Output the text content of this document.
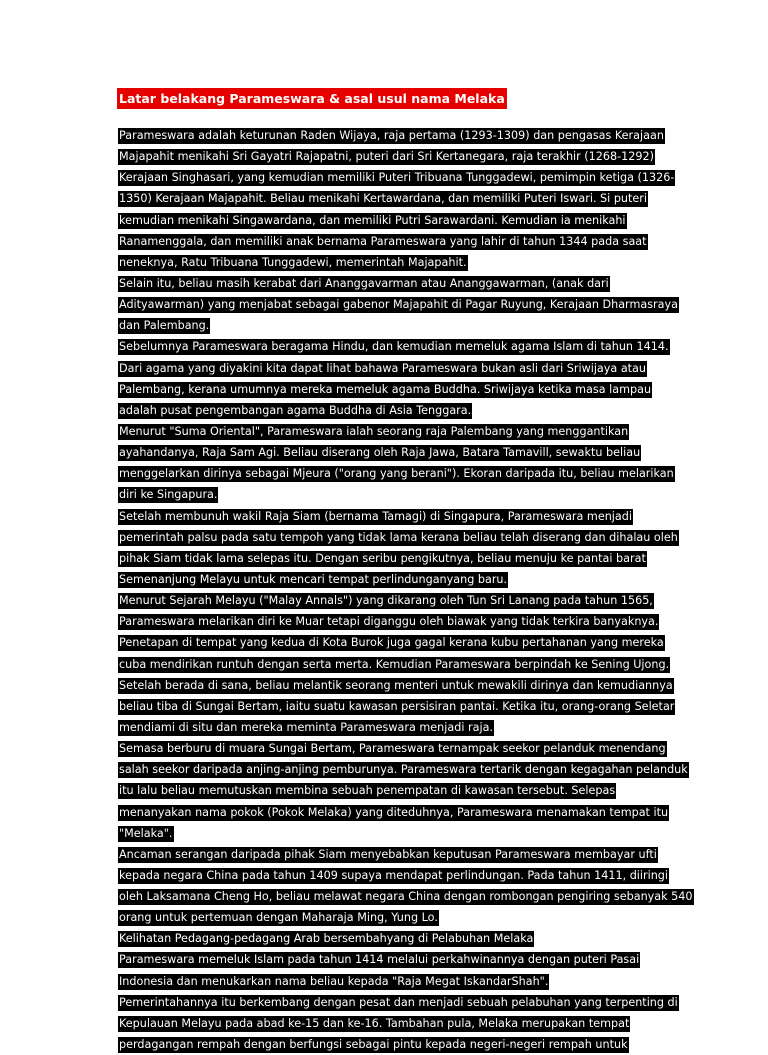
Latar belakang Parameswara & asal usul nama Melaka
Parameswara adalah keturunan Raden Wijaya, raja pertama (1293-1309) dan pengasas Kerajaan
Majapahit menikahi Sri Gayatri Rajapatni, puteri dari Sri Kertanegara, raja terakhir (1268-1292)
Kerajaan Singhasari, yang kemudian memiliki Puteri Tribuana Tunggadewi, pemimpin ketiga (1326-
1350) Kerajaan Majapahit. Beliau menikahi Kertawardana, dan memiliki Puteri Iswari. Si puteri
kemudian menikahi Singawardana, dan memiliki Putri Sarawardani. Kemudian ia menikahi
Ranamenggala, dan memiliki anak bernama Parameswara yang lahir di tahun 1344 pada saat
neneknya, Ratu Tribuana Tunggadewi, memerintah Majapahit.
Selain itu, beliau masih kerabat dari Ananggavarman atau Ananggawarman, (anak dari
Adityawarman) yang menjabat sebagai gabenor Majapahit di Pagar Ruyung, Kerajaan Dharmasraya
dan Palembang.
Sebelumnya Parameswara beragama Hindu, dan kemudian memeluk agama Islam di tahun 1414.
Dari agama yang diyakini kita dapat lihat bahawa Parameswara bukan asli dari Sriwijaya atau
Palembang, kerana umumnya mereka memeluk agama Buddha. Sriwijaya ketika masa lampau
adalah pusat pengembangan agama Buddha di Asia Tenggara.
Menurut "Suma Oriental", Parameswara ialah seorang raja Palembang yang menggantikan
ayahandanya, Raja Sam Agi. Beliau diserang oleh Raja Jawa, Batara Tamavill, sewaktu beliau
menggelarkan dirinya sebagai Mjeura ("orang yang berani"). Ekoran daripada itu, beliau melarikan
diri ke Singapura.
Setelah membunuh wakil Raja Siam (bernama Tamagi) di Singapura, Parameswara menjadi
pemerintah palsu pada satu tempoh yang tidak lama kerana beliau telah diserang dan dihalau oleh
pihak Siam tidak lama selepas itu. Dengan seribu pengikutnya, beliau menuju ke pantai barat
Semenanjung Melayu untuk mencari tempat perlindunganyang baru.
Menurut Sejarah Melayu ("Malay Annals") yang dikarang oleh Tun Sri Lanang pada tahun 1565,
Parameswara melarikan diri ke Muar tetapi diganggu oleh biawak yang tidak terkira banyaknya.
Penetapan di tempat yang kedua di Kota Burok juga gagal kerana kubu pertahanan yang mereka
cuba mendirikan runtuh dengan serta merta. Kemudian Parameswara berpindah ke Sening Ujong.
Setelah berada di sana, beliau melantik seorang menteri untuk mewakili dirinya dan kemudiannya
beliau tiba di Sungai Bertam, iaitu suatu kawasan persisiran pantai. Ketika itu, orang-orang Seletar
mendiami di situ dan mereka meminta Parameswara menjadi raja.
Semasa berburu di muara Sungai Bertam, Parameswara ternampak seekor pelanduk menendang
salah seekor daripada anjing-anjing pemburunya. Parameswara tertarik dengan kegagahan pelanduk
itu lalu beliau memutuskan membina sebuah penempatan di kawasan tersebut. Selepas
menanyakan nama pokok (Pokok Melaka) yang diteduhnya, Parameswara menamakan tempat itu
"Melaka".
Ancaman serangan daripada pihak Siam menyebabkan keputusan Parameswara membayar ufti
kepada negara China pada tahun 1409 supaya mendapat perlindungan. Pada tahun 1411, diiringi
oleh Laksamana Cheng Ho, beliau melawat negara China dengan rombongan pengiring sebanyak 540
orang untuk pertemuan dengan Maharaja Ming, Yung Lo.
Kelihatan Pedagang-pedagang Arab bersembahyang di Pelabuhan Melaka
Parameswara memeluk Islam pada tahun 1414 melalui perkahwinannya dengan puteri Pasai
Indonesia dan menukarkan nama beliau kepada "Raja Megat IskandarShah".
Pemerintahannya itu berkembang dengan pesat dan menjadi sebuah pelabuhan yang terpenting di
Kepulauan Melayu pada abad ke-15 dan ke-16. Tambahan pula, Melaka merupakan tempat
perdagangan rempah dengan berfungsi sebagai pintu kepada negeri-negeri rempah untuk
